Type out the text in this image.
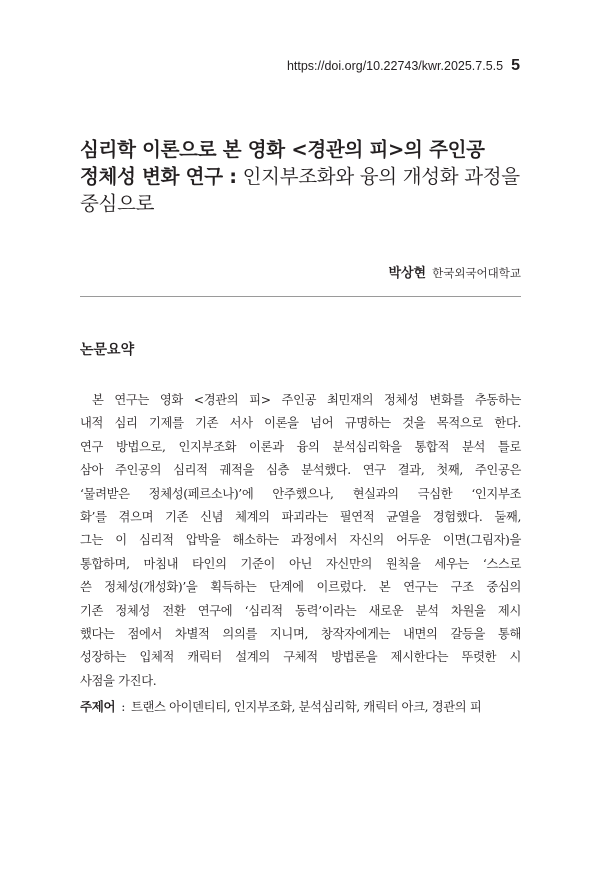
https://doi.org/10.22743/kwr.2025.7.5.5 5
심리학 이론으로 본 영화 <경관의 피>의 주인공
정체성 변화 연구 : 인지부조화와 융의 개성화 과정을
중심으로
박상현 한국외국어대학교
논문요약
본 연구는 영화 <경관의 피> 주인공 최민재의 정체성 변화를 추동하는
내적 심리 기제를 기존 서사 이론을 넘어 규명하는 것을 목적으로 한다.
연구 방법으로, 인지부조화 이론과 융의 분석심리학을 통합적 분석 틀로
삼아 주인공의 심리적 궤적을 심층 분석했다. 연구 결과, 첫째, 주인공은
‘물려받은 정체성(페르소나)’에 안주했으나, 현실과의 극심한 ‘인지부조
화’를 겪으며 기존 신념 체계의 파괴라는 필연적 균열을 경험했다. 둘째,
그는 이 심리적 압박을 해소하는 과정에서 자신의 어두운 이면(그림자)을
통합하며, 마침내 타인의 기준이 아닌 자신만의 원칙을 세우는 ‘스스로
쓴 정체성(개성화)’을 획득하는 단계에 이르렀다. 본 연구는 구조 중심의
기존 정체성 전환 연구에 ‘심리적 동력’이라는 새로운 분석 차원을 제시
했다는 점에서 차별적 의의를 지니며, 창작자에게는 내면의 갈등을 통해
성장하는 입체적 캐릭터 설계의 구체적 방법론을 제시한다는 뚜렷한 시
사점을 가진다.
주제어 : 트랜스 아이덴티티, 인지부조화, 분석심리학, 캐릭터 아크, 경관의 피
